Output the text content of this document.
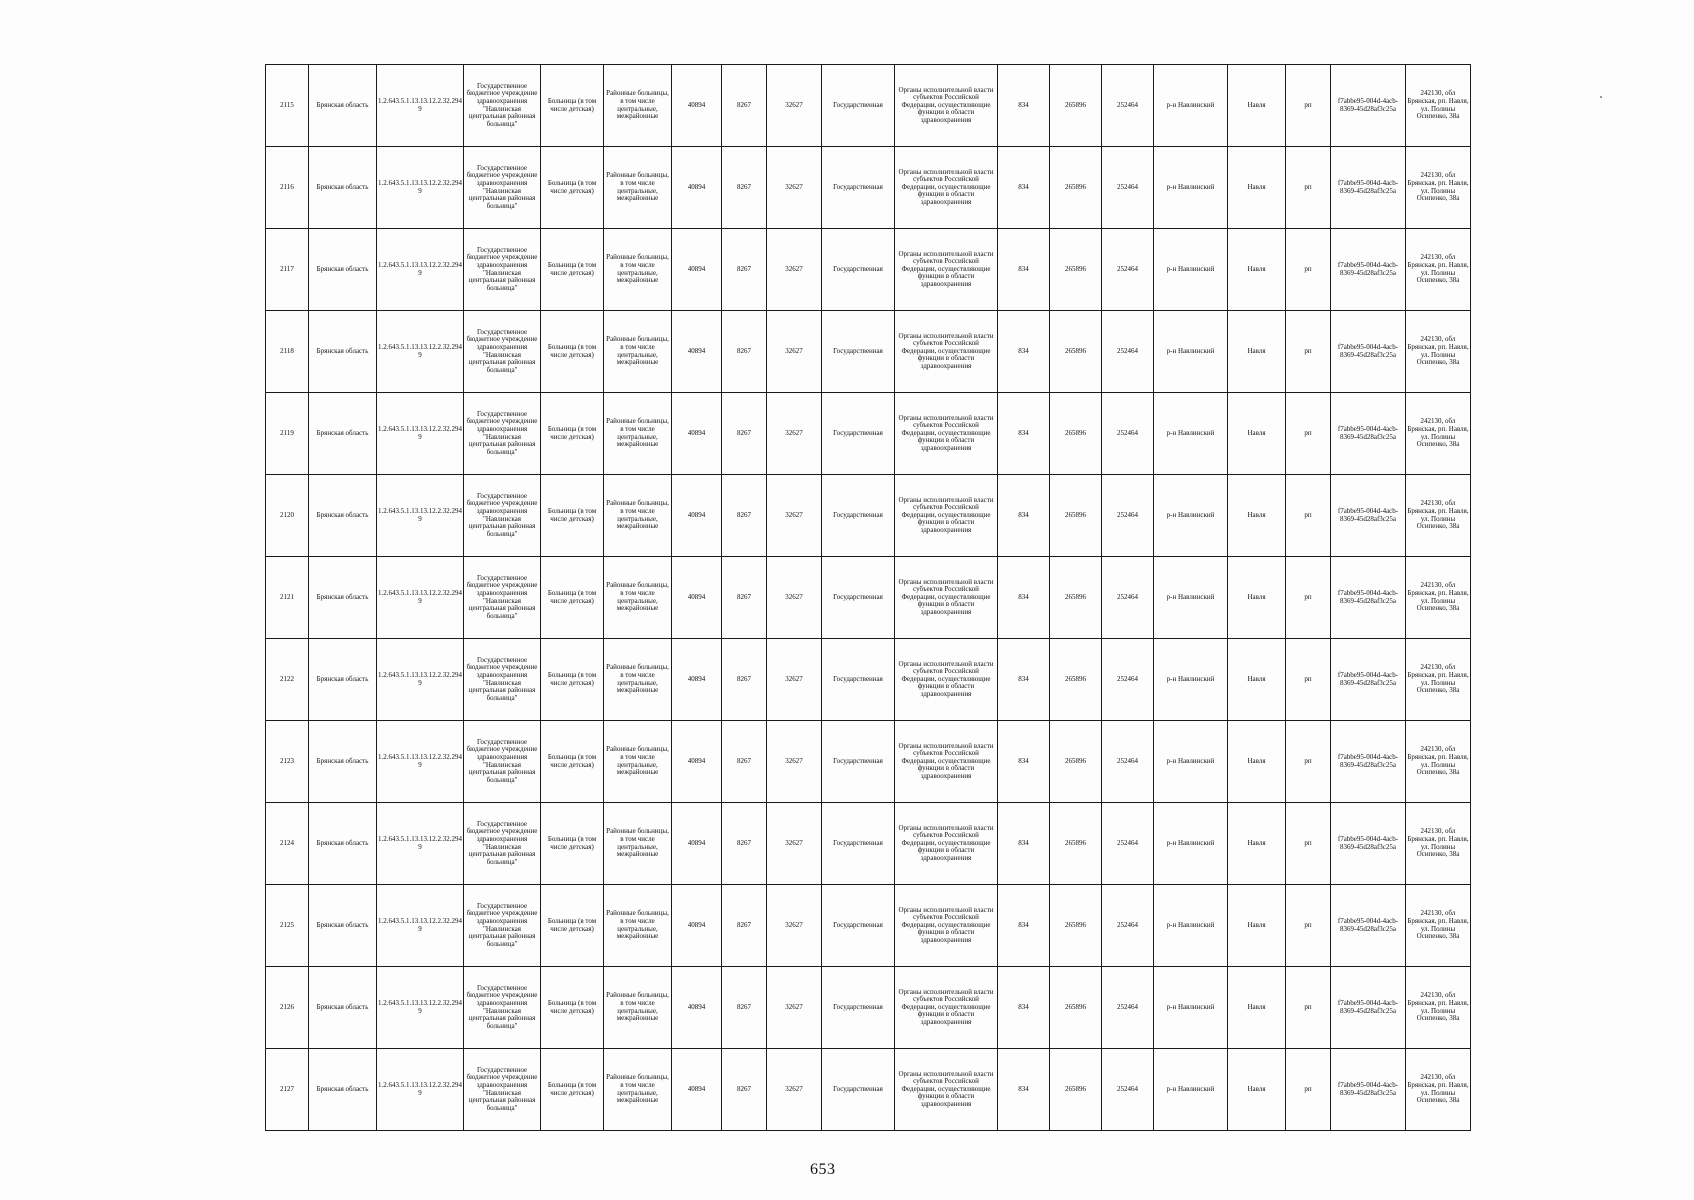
2115	Брянская область	1.2.643.5.1.13.13.12.2.32.294 9	Государственное бюджетное учреждение здравоохранения "Навлинская центральная районная больница"	Больница (в том числе детская)	Районные больницы, в том числе центральные, межрайонные	40894	8267	32627	Государственная	Органы исполнительной власти субъектов Российской Федерации, осуществляющие функции в области здравоохранения	834	265896	252464	р-н Навлинский	Навля	рп	f7abbe95-004d-4acb-8369-45d28af3c25a	242130, обл Брянская, рп. Навля, ул. Полины Осипенко, 38а
2116	Брянская область	1.2.643.5.1.13.13.12.2.32.294 9	Государственное бюджетное учреждение здравоохранения "Навлинская центральная районная больница"	Больница (в том числе детская)	Районные больницы, в том числе центральные, межрайонные	40894	8267	32627	Государственная	Органы исполнительной власти субъектов Российской Федерации, осуществляющие функции в области здравоохранения	834	265896	252464	р-н Навлинский	Навля	рп	f7abbe95-004d-4acb-8369-45d28af3c25a	242130, обл Брянская, рп. Навля, ул. Полины Осипенко, 38а
2117	Брянская область	1.2.643.5.1.13.13.12.2.32.294 9	Государственное бюджетное учреждение здравоохранения "Навлинская центральная районная больница"	Больница (в том числе детская)	Районные больницы, в том числе центральные, межрайонные	40894	8267	32627	Государственная	Органы исполнительной власти субъектов Российской Федерации, осуществляющие функции в области здравоохранения	834	265896	252464	р-н Навлинский	Навля	рп	f7abbe95-004d-4acb-8369-45d28af3c25a	242130, обл Брянская, рп. Навля, ул. Полины Осипенко, 38а
2118	Брянская область	1.2.643.5.1.13.13.12.2.32.294 9	Государственное бюджетное учреждение здравоохранения "Навлинская центральная районная больница"	Больница (в том числе детская)	Районные больницы, в том числе центральные, межрайонные	40894	8267	32627	Государственная	Органы исполнительной власти субъектов Российской Федерации, осуществляющие функции в области здравоохранения	834	265896	252464	р-н Навлинский	Навля	рп	f7abbe95-004d-4acb-8369-45d28af3c25a	242130, обл Брянская, рп. Навля, ул. Полины Осипенко, 38а
2119	Брянская область	1.2.643.5.1.13.13.12.2.32.294 9	Государственное бюджетное учреждение здравоохранения "Навлинская центральная районная больница"	Больница (в том числе детская)	Районные больницы, в том числе центральные, межрайонные	40894	8267	32627	Государственная	Органы исполнительной власти субъектов Российской Федерации, осуществляющие функции в области здравоохранения	834	265896	252464	р-н Навлинский	Навля	рп	f7abbe95-004d-4acb-8369-45d28af3c25a	242130, обл Брянская, рп. Навля, ул. Полины Осипенко, 38а
2120	Брянская область	1.2.643.5.1.13.13.12.2.32.294 9	Государственное бюджетное учреждение здравоохранения "Навлинская центральная районная больница"	Больница (в том числе детская)	Районные больницы, в том числе центральные, межрайонные	40894	8267	32627	Государственная	Органы исполнительной власти субъектов Российской Федерации, осуществляющие функции в области здравоохранения	834	265896	252464	р-н Навлинский	Навля	рп	f7abbe95-004d-4acb-8369-45d28af3c25a	242130, обл Брянская, рп. Навля, ул. Полины Осипенко, 38а
2121	Брянская область	1.2.643.5.1.13.13.12.2.32.294 9	Государственное бюджетное учреждение здравоохранения "Навлинская центральная районная больница"	Больница (в том числе детская)	Районные больницы, в том числе центральные, межрайонные	40894	8267	32627	Государственная	Органы исполнительной власти субъектов Российской Федерации, осуществляющие функции в области здравоохранения	834	265896	252464	р-н Навлинский	Навля	рп	f7abbe95-004d-4acb-8369-45d28af3c25a	242130, обл Брянская, рп. Навля, ул. Полины Осипенко, 38а
2122	Брянская область	1.2.643.5.1.13.13.12.2.32.294 9	Государственное бюджетное учреждение здравоохранения "Навлинская центральная районная больница"	Больница (в том числе детская)	Районные больницы, в том числе центральные, межрайонные	40894	8267	32627	Государственная	Органы исполнительной власти субъектов Российской Федерации, осуществляющие функции в области здравоохранения	834	265896	252464	р-н Навлинский	Навля	рп	f7abbe95-004d-4acb-8369-45d28af3c25a	242130, обл Брянская, рп. Навля, ул. Полины Осипенко, 38а
2123	Брянская область	1.2.643.5.1.13.13.12.2.32.294 9	Государственное бюджетное учреждение здравоохранения "Навлинская центральная районная больница"	Больница (в том числе детская)	Районные больницы, в том числе центральные, межрайонные	40894	8267	32627	Государственная	Органы исполнительной власти субъектов Российской Федерации, осуществляющие функции в области здравоохранения	834	265896	252464	р-н Навлинский	Навля	рп	f7abbe95-004d-4acb-8369-45d28af3c25a	242130, обл Брянская, рп. Навля, ул. Полины Осипенко, 38а
2124	Брянская область	1.2.643.5.1.13.13.12.2.32.294 9	Государственное бюджетное учреждение здравоохранения "Навлинская центральная районная больница"	Больница (в том числе детская)	Районные больницы, в том числе центральные, межрайонные	40894	8267	32627	Государственная	Органы исполнительной власти субъектов Российской Федерации, осуществляющие функции в области здравоохранения	834	265896	252464	р-н Навлинский	Навля	рп	f7abbe95-004d-4acb-8369-45d28af3c25a	242130, обл Брянская, рп. Навля, ул. Полины Осипенко, 38а
2125	Брянская область	1.2.643.5.1.13.13.12.2.32.294 9	Государственное бюджетное учреждение здравоохранения "Навлинская центральная районная больница"	Больница (в том числе детская)	Районные больницы, в том числе центральные, межрайонные	40894	8267	32627	Государственная	Органы исполнительной власти субъектов Российской Федерации, осуществляющие функции в области здравоохранения	834	265896	252464	р-н Навлинский	Навля	рп	f7abbe95-004d-4acb-8369-45d28af3c25a	242130, обл Брянская, рп. Навля, ул. Полины Осипенко, 38а
2126	Брянская область	1.2.643.5.1.13.13.12.2.32.294 9	Государственное бюджетное учреждение здравоохранения "Навлинская центральная районная больница"	Больница (в том числе детская)	Районные больницы, в том числе центральные, межрайонные	40894	8267	32627	Государственная	Органы исполнительной власти субъектов Российской Федерации, осуществляющие функции в области здравоохранения	834	265896	252464	р-н Навлинский	Навля	рп	f7abbe95-004d-4acb-8369-45d28af3c25a	242130, обл Брянская, рп. Навля, ул. Полины Осипенко, 38а
2127	Брянская область	1.2.643.5.1.13.13.12.2.32.294 9	Государственное бюджетное учреждение здравоохранения "Навлинская центральная районная больница"	Больница (в том числе детская)	Районные больницы, в том числе центральные, межрайонные	40894	8267	32627	Государственная	Органы исполнительной власти субъектов Российской Федерации, осуществляющие функции в области здравоохранения	834	265896	252464	р-н Навлинский	Навля	рп	f7abbe95-004d-4acb-8369-45d28af3c25a	242130, обл Брянская, рп. Навля, ул. Полины Осипенко, 38а
653
